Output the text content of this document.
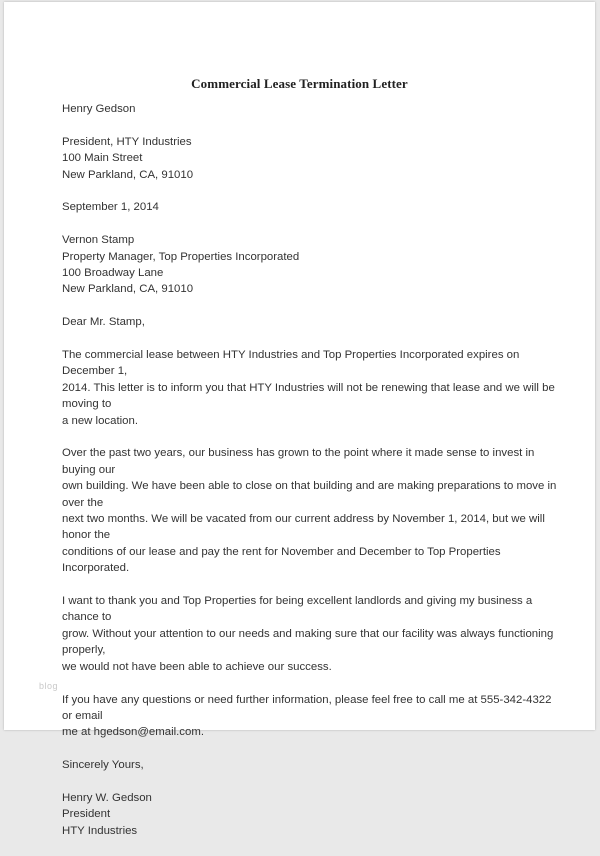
Commercial Lease Termination Letter

Henry Gedson

President, HTY Industries
100 Main Street
New Parkland, CA, 91010

September 1, 2014

Vernon Stamp
Property Manager, Top Properties Incorporated
100 Broadway Lane
New Parkland, CA, 91010

Dear Mr. Stamp,

The commercial lease between HTY Industries and Top Properties Incorporated expires on December 1,
2014. This letter is to inform you that HTY Industries will not be renewing that lease and we will be moving to
a new location.

Over the past two years, our business has grown to the point where it made sense to invest in buying our
own building. We have been able to close on that building and are making preparations to move in over the
next two months. We will be vacated from our current address by November 1, 2014, but we will honor the
conditions of our lease and pay the rent for November and December to Top Properties Incorporated.

I want to thank you and Top Properties for being excellent landlords and giving my business a chance to
grow. Without your attention to our needs and making sure that our facility was always functioning properly,
we would not have been able to achieve our success.

If you have any questions or need further information, please feel free to call me at 555-342-4322 or email
me at hgedson@email.com.

Sincerely Yours,

Henry W. Gedson
President
HTY Industries

blog
